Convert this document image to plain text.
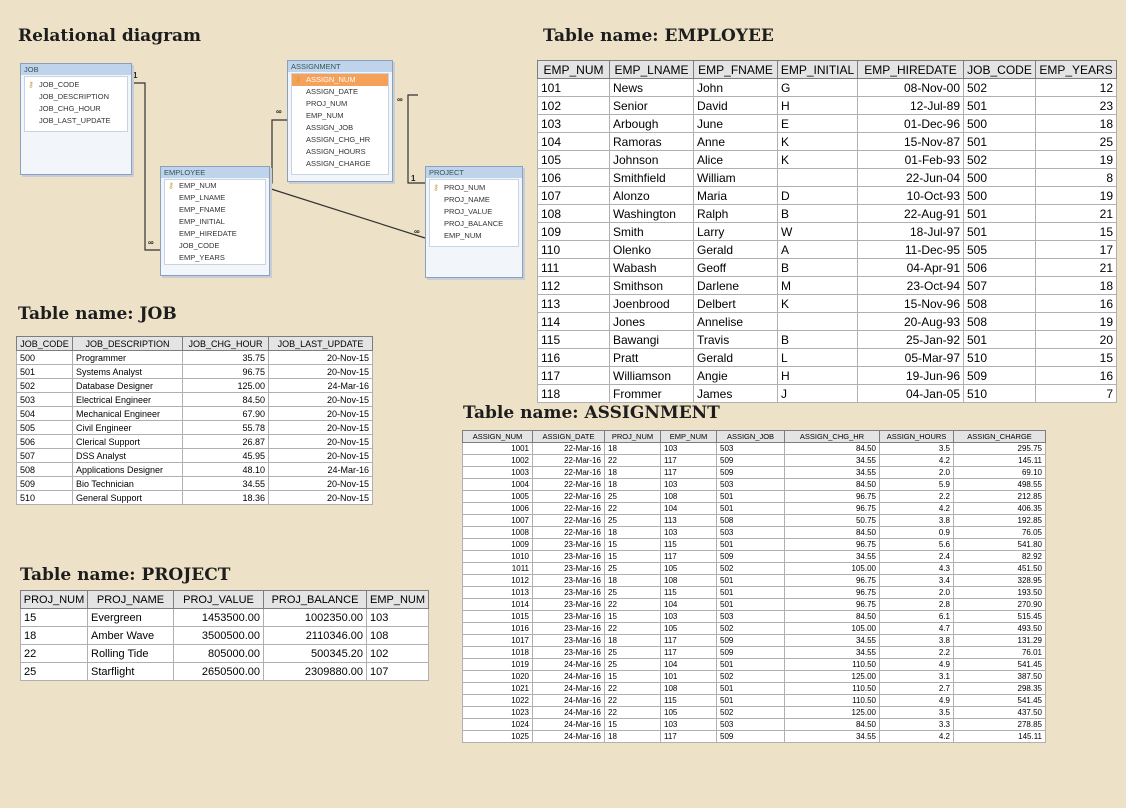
Relational diagram	Table name: EMPLOYEE
Table name: JOB
Table name: PROJECT
Table name: ASSIGNMENT
1
∞
∞
∞
1
∞
JOB
⚷ JOB_CODE
JOB_DESCRIPTION
JOB_CHG_HOUR
JOB_LAST_UPDATE
ASSIGNMENT
⚷ ASSIGN_NUM
ASSIGN_DATE
PROJ_NUM
EMP_NUM
ASSIGN_JOB
ASSIGN_CHG_HR
ASSIGN_HOURS
ASSIGN_CHARGE
EMPLOYEE
⚷ EMP_NUM
EMP_LNAME
EMP_FNAME
EMP_INITIAL
EMP_HIREDATE
JOB_CODE
EMP_YEARS
PROJECT
⚷ PROJ_NUM
PROJ_NAME
PROJ_VALUE
PROJ_BALANCE
EMP_NUM
EMP_NUM	EMP_LNAME	EMP_FNAME	EMP_INITIAL	EMP_HIREDATE	JOB_CODE	EMP_YEARS
101	News	John	G	08-Nov-00	502	12
102	Senior	David	H	12-Jul-89	501	23
103	Arbough	June	E	01-Dec-96	500	18
104	Ramoras	Anne	K	15-Nov-87	501	25
105	Johnson	Alice	K	01-Feb-93	502	19
106	Smithfield	William		22-Jun-04	500	8
107	Alonzo	Maria	D	10-Oct-93	500	19
108	Washington	Ralph	B	22-Aug-91	501	21
109	Smith	Larry	W	18-Jul-97	501	15
110	Olenko	Gerald	A	11-Dec-95	505	17
111	Wabash	Geoff	B	04-Apr-91	506	21
112	Smithson	Darlene	M	23-Oct-94	507	18
113	Joenbrood	Delbert	K	15-Nov-96	508	16
114	Jones	Annelise		20-Aug-93	508	19
115	Bawangi	Travis	B	25-Jan-92	501	20
116	Pratt	Gerald	L	05-Mar-97	510	15
117	Williamson	Angie	H	19-Jun-96	509	16
118	Frommer	James	J	04-Jan-05	510	7
JOB_CODE	JOB_DESCRIPTION	JOB_CHG_HOUR	JOB_LAST_UPDATE
500	Programmer	35.75	20-Nov-15
501	Systems Analyst	96.75	20-Nov-15
502	Database Designer	125.00	24-Mar-16
503	Electrical Engineer	84.50	20-Nov-15
504	Mechanical Engineer	67.90	20-Nov-15
505	Civil Engineer	55.78	20-Nov-15
506	Clerical Support	26.87	20-Nov-15
507	DSS Analyst	45.95	20-Nov-15
508	Applications Designer	48.10	24-Mar-16
509	Bio Technician	34.55	20-Nov-15
510	General Support	18.36	20-Nov-15
PROJ_NUM	PROJ_NAME	PROJ_VALUE	PROJ_BALANCE	EMP_NUM
15	Evergreen	1453500.00	1002350.00	103
18	Amber Wave	3500500.00	2110346.00	108
22	Rolling Tide	805000.00	500345.20	102
25	Starflight	2650500.00	2309880.00	107
ASSIGN_NUM	ASSIGN_DATE	PROJ_NUM	EMP_NUM	ASSIGN_JOB	ASSIGN_CHG_HR	ASSIGN_HOURS	ASSIGN_CHARGE
1001	22-Mar-16	18	103	503	84.50	3.5	295.75
1002	22-Mar-16	22	117	509	34.55	4.2	145.11
1003	22-Mar-16	18	117	509	34.55	2.0	69.10
1004	22-Mar-16	18	103	503	84.50	5.9	498.55
1005	22-Mar-16	25	108	501	96.75	2.2	212.85
1006	22-Mar-16	22	104	501	96.75	4.2	406.35
1007	22-Mar-16	25	113	508	50.75	3.8	192.85
1008	22-Mar-16	18	103	503	84.50	0.9	76.05
1009	23-Mar-16	15	115	501	96.75	5.6	541.80
1010	23-Mar-16	15	117	509	34.55	2.4	82.92
1011	23-Mar-16	25	105	502	105.00	4.3	451.50
1012	23-Mar-16	18	108	501	96.75	3.4	328.95
1013	23-Mar-16	25	115	501	96.75	2.0	193.50
1014	23-Mar-16	22	104	501	96.75	2.8	270.90
1015	23-Mar-16	15	103	503	84.50	6.1	515.45
1016	23-Mar-16	22	105	502	105.00	4.7	493.50
1017	23-Mar-16	18	117	509	34.55	3.8	131.29
1018	23-Mar-16	25	117	509	34.55	2.2	76.01
1019	24-Mar-16	25	104	501	110.50	4.9	541.45
1020	24-Mar-16	15	101	502	125.00	3.1	387.50
1021	24-Mar-16	22	108	501	110.50	2.7	298.35
1022	24-Mar-16	22	115	501	110.50	4.9	541.45
1023	24-Mar-16	22	105	502	125.00	3.5	437.50
1024	24-Mar-16	15	103	503	84.50	3.3	278.85
1025	24-Mar-16	18	117	509	34.55	4.2	145.11
